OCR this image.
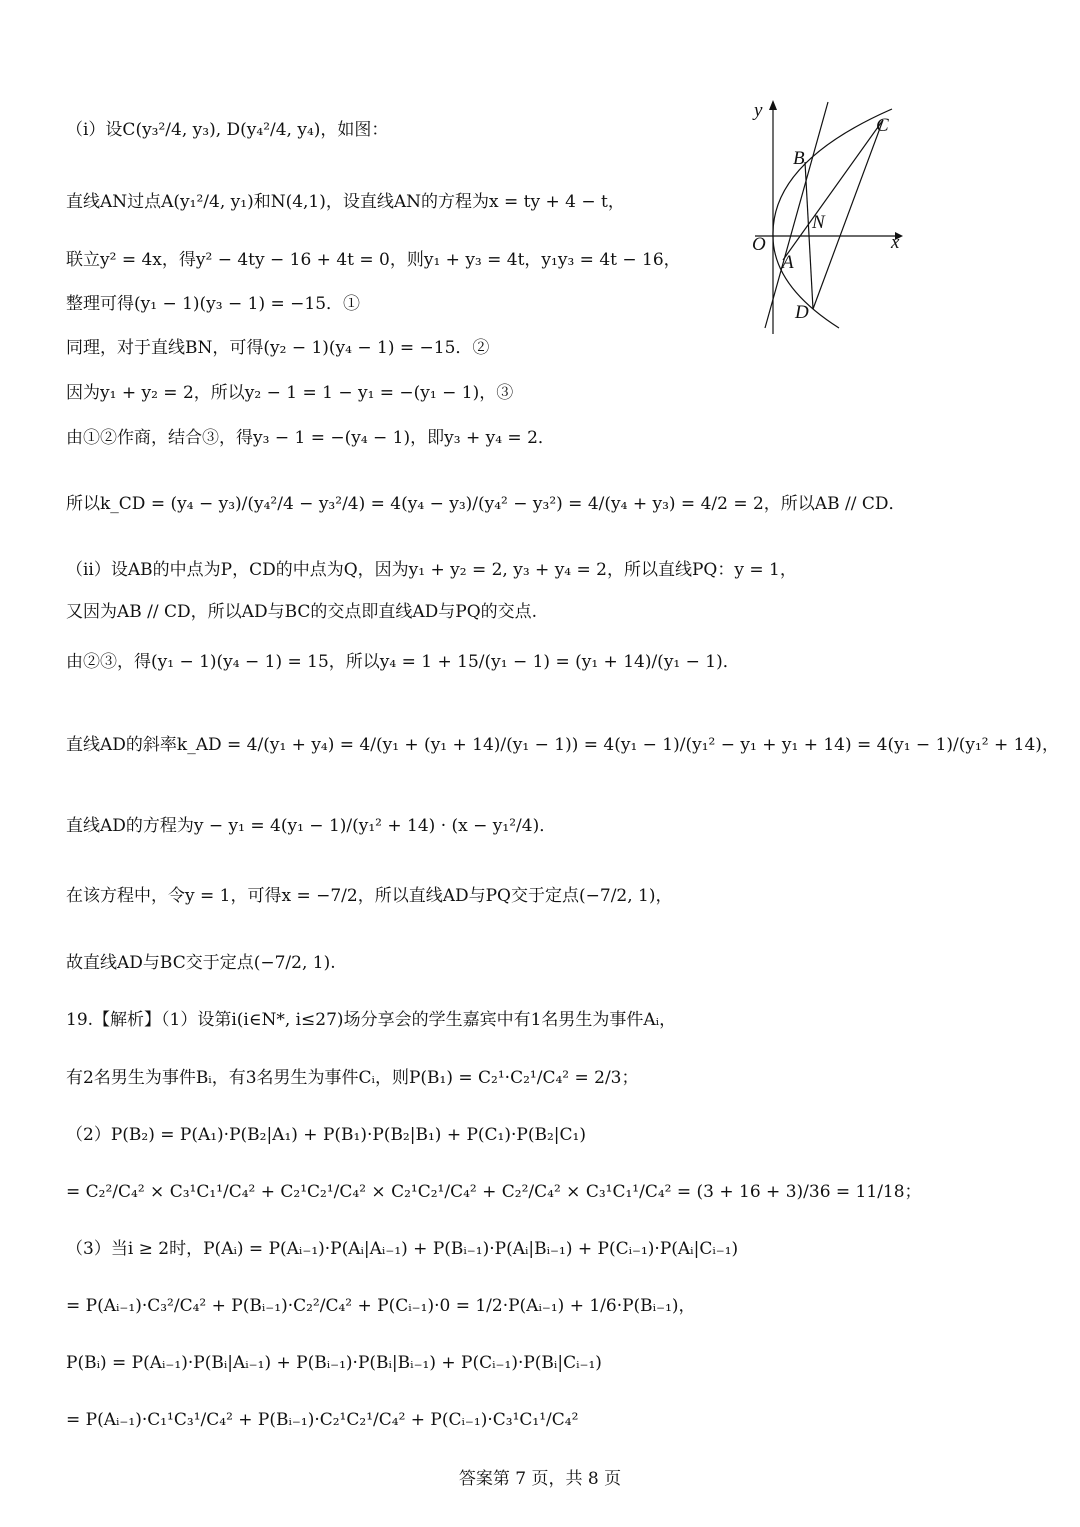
（i）设C(y₃²/4, y₃), D(y₄²/4, y₄)，如图：
直线AN过点A(y₁²/4, y₁)和N(4,1)，设直线AN的方程为x = ty + 4 − t，
联立y² = 4x，得y² − 4ty − 16 + 4t = 0，则y₁ + y₃ = 4t，y₁y₃ = 4t − 16，
整理可得(y₁ − 1)(y₃ − 1) = −15．①
同理，对于直线BN，可得(y₂ − 1)(y₄ − 1) = −15．②
因为y₁ + y₂ = 2，所以y₂ − 1 = 1 − y₁ = −(y₁ − 1)，③
由①②作商，结合③，得y₃ − 1 = −(y₄ − 1)，即y₃ + y₄ = 2．
所以k_CD = (y₄ − y₃)/(y₄²/4 − y₃²/4) = 4(y₄ − y₃)/(y₄² − y₃²) = 4/(y₄ + y₃) = 4/2 = 2，所以AB // CD．
（ii）设AB的中点为P，CD的中点为Q，因为y₁ + y₂ = 2, y₃ + y₄ = 2，所以直线PQ：y = 1，
又因为AB // CD，所以AD与BC的交点即直线AD与PQ的交点.
由②③，得(y₁ − 1)(y₄ − 1) = 15，所以y₄ = 1 + 15/(y₁ − 1) = (y₁ + 14)/(y₁ − 1)．
直线AD的斜率k_AD = 4/(y₁ + y₄) = 4/(y₁ + (y₁ + 14)/(y₁ − 1)) = 4(y₁ − 1)/(y₁² − y₁ + y₁ + 14) = 4(y₁ − 1)/(y₁² + 14)，
直线AD的方程为y − y₁ = 4(y₁ − 1)/(y₁² + 14) · (x − y₁²/4)．
在该方程中，令y = 1，可得x = −7/2，所以直线AD与PQ交于定点(−7/2, 1)，
故直线AD与BC交于定点(−7/2, 1).
19.【解析】（1）设第i(i∈N*, i≤27)场分享会的学生嘉宾中有1名男生为事件Aᵢ，
有2名男生为事件Bᵢ，有3名男生为事件Cᵢ，则P(B₁) = C₂¹·C₂¹/C₄² = 2/3；
（2）P(B₂) = P(A₁)·P(B₂|A₁) + P(B₁)·P(B₂|B₁) + P(C₁)·P(B₂|C₁)
= C₂²/C₄² × C₃¹C₁¹/C₄² + C₂¹C₂¹/C₄² × C₂¹C₂¹/C₄² + C₂²/C₄² × C₃¹C₁¹/C₄² = (3 + 16 + 3)/36 = 11/18；
（3）当i ≥ 2时，P(Aᵢ) = P(Aᵢ₋₁)·P(Aᵢ|Aᵢ₋₁) + P(Bᵢ₋₁)·P(Aᵢ|Bᵢ₋₁) + P(Cᵢ₋₁)·P(Aᵢ|Cᵢ₋₁)
= P(Aᵢ₋₁)·C₃²/C₄² + P(Bᵢ₋₁)·C₂²/C₄² + P(Cᵢ₋₁)·0 = 1/2·P(Aᵢ₋₁) + 1/6·P(Bᵢ₋₁)，
P(Bᵢ) = P(Aᵢ₋₁)·P(Bᵢ|Aᵢ₋₁) + P(Bᵢ₋₁)·P(Bᵢ|Bᵢ₋₁) + P(Cᵢ₋₁)·P(Bᵢ|Cᵢ₋₁)
= P(Aᵢ₋₁)·C₁¹C₃¹/C₄² + P(Bᵢ₋₁)·C₂¹C₂¹/C₄² + P(Cᵢ₋₁)·C₃¹C₁¹/C₄²
y
x
O
A
B
C
D
N
答案第 7 页，共 8 页
